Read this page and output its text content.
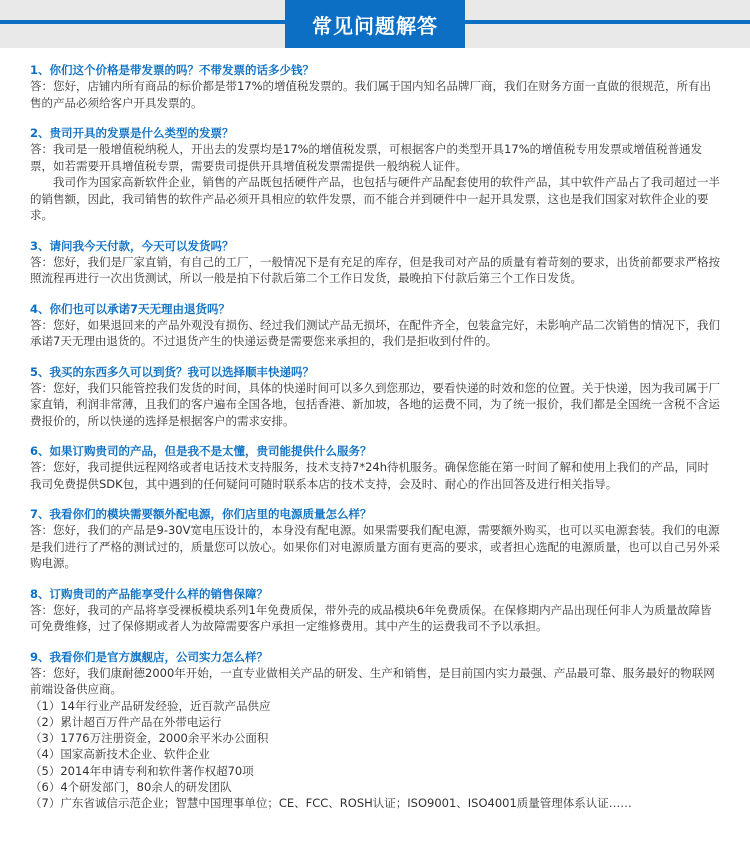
常见问题解答

1、你们这个价格是带发票的吗？不带发票的话多少钱？

答：您好，店铺内所有商品的标价都是带17%的增值税发票的。我们属于国内知名品牌厂商，我们在财务方面一直做的很规范，所有出售的产品必须给客户开具发票的。

2、贵司开具的发票是什么类型的发票？

答：我司是一般增值税纳税人，开出去的发票均是17%的增值税发票，可根据客户的类型开具17%的增值税专用发票或增值税普通发票，如若需要开具增值税专票，需要贵司提供开具增值税发票需提供一般纳税人证件。

我司作为国家高新软件企业，销售的产品既包括硬件产品，也包括与硬件产品配套使用的软件产品，其中软件产品占了我司超过一半的销售额，因此，我司销售的软件产品必须开具相应的软件发票，而不能合并到硬件中一起开具发票，这也是我们国家对软件企业的要求。

3、请问我今天付款，今天可以发货吗？

答：您好，我们是厂家直销，有自己的工厂，一般情况下是有充足的库存，但是我司对产品的质量有着苛刻的要求，出货前都要求严格按照流程再进行一次出货测试，所以一般是拍下付款后第二个工作日发货，最晚拍下付款后第三个工作日发货。

4、你们也可以承诺7天无理由退货吗？

答：您好，如果退回来的产品外观没有损伤、经过我们测试产品无损坏，在配件齐全，包装盒完好，未影响产品二次销售的情况下，我们承诺7天无理由退货的。不过退货产生的快递运费是需要您来承担的，我们是拒收到付件的。

5、我买的东西多久可以到货？我可以选择顺丰快递吗？

答：您好，我们只能管控我们发货的时间，具体的快递时间可以多久到您那边，要看快递的时效和您的位置。关于快递，因为我司属于厂家直销，利润非常薄，且我们的客户遍布全国各地，包括香港、新加坡，各地的运费不同，为了统一报价，我们都是全国统一含税不含运费报价的，所以快递的选择是根据客户的需求安排。

6、如果订购贵司的产品，但是我不是太懂，贵司能提供什么服务？

答：您好，我司提供远程网络或者电话技术支持服务，技术支持7*24h待机服务。确保您能在第一时间了解和使用上我们的产品，同时我司免费提供SDK包，其中遇到的任何疑问可随时联系本店的技术支持，会及时、耐心的作出回答及进行相关指导。

7、我看你们的模块需要额外配电源，你们店里的电源质量怎么样？

答：您好，我们的产品是9-30V宽电压设计的，本身没有配电源。如果需要我们配电源，需要额外购买，也可以买电源套装。我们的电源是我们进行了严格的测试过的，质量您可以放心。如果你们对电源质量方面有更高的要求，或者担心选配的电源质量，也可以自己另外采购电源。

8、订购贵司的产品能享受什么样的销售保障？

答：您好，我司的产品将享受裸板模块系列1年免费质保，带外壳的成品模块6年免费质保。在保修期内产品出现任何非人为质量故障皆可免费维修，过了保修期或者人为故障需要客户承担一定维修费用。其中产生的运费我司不予以承担。

9、我看你们是官方旗舰店，公司实力怎么样？

答：您好，我们康耐德2000年开始，一直专业做相关产品的研发、生产和销售，是目前国内实力最强、产品最可靠、服务最好的物联网前端设备供应商。

（1）14年行业产品研发经验，近百款产品供应

（2）累计超百万件产品在外带电运行

（3）1776万注册资金，2000余平米办公面积

（4）国家高新技术企业、软件企业

（5）2014年申请专利和软件著作权超70项

（6）4个研发部门，80余人的研发团队

（7）广东省诚信示范企业；智慧中国理事单位；CE、FCC、ROSH认证；ISO9001、ISO4001质量管理体系认证……
